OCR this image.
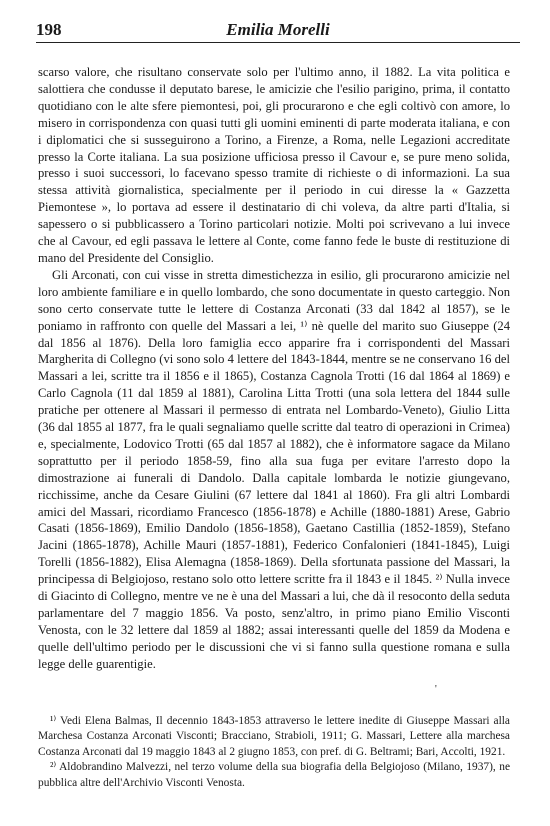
198	Emilia Morelli

scarso valore, che risultano conservate solo per l'ultimo anno, il 1882. La vita politica e salottiera che condusse il deputato barese, le amicizie che l'esilio parigino, prima, il contatto quotidiano con le alte sfere piemontesi, poi, gli procurarono e che egli coltivò con amore, lo misero in corrispondenza con quasi tutti gli uomini eminenti di parte moderata italiana, e con i diplomatici che si susseguirono a Torino, a Firenze, a Roma, nelle Legazioni accreditate presso la Corte italiana. La sua posizione ufficiosa presso il Cavour e, se pure meno solida, presso i suoi successori, lo facevano spesso tramite di richieste o di informazioni. La sua stessa attività giornalistica, specialmente per il periodo in cui diresse la « Gazzetta Piemontese », lo portava ad essere il destinatario di chi voleva, da altre parti d'Italia, si sapessero o si pubblicassero a Torino particolari notizie. Molti poi scrivevano a lui invece che al Cavour, ed egli passava le lettere al Conte, come fanno fede le buste di restituzione di mano del Presidente del Consiglio.

Gli Arconati, con cui visse in stretta dimestichezza in esilio, gli procurarono amicizie nel loro ambiente familiare e in quello lombardo, che sono documentate in questo carteggio. Non sono certo conservate tutte le lettere di Costanza Arconati (33 dal 1842 al 1857), se le poniamo in raffronto con quelle del Massari a lei, ¹⁾ nè quelle del marito suo Giuseppe (24 dal 1856 al 1876). Della loro famiglia ecco apparire fra i corrispondenti del Massari Margherita di Collegno (vi sono solo 4 lettere del 1843-1844, mentre se ne conservano 16 del Massari a lei, scritte tra il 1856 e il 1865), Costanza Cagnola Trotti (16 dal 1864 al 1869) e Carlo Cagnola (11 dal 1859 al 1881), Carolina Litta Trotti (una sola lettera del 1844 sulle pratiche per ottenere al Massari il permesso di entrata nel Lombardo-Veneto), Giulio Litta (36 dal 1855 al 1877, fra le quali segnaliamo quelle scritte dal teatro di operazioni in Crimea) e, specialmente, Lodovico Trotti (65 dal 1857 al 1882), che è informatore sagace da Milano soprattutto per il periodo 1858-59, fino alla sua fuga per evitare l'arresto dopo la dimostrazione ai funerali di Dandolo. Dalla capitale lombarda le notizie giungevano, ricchissime, anche da Cesare Giulini (67 lettere dal 1841 al 1860). Fra gli altri Lombardi amici del Massari, ricordiamo Francesco (1856-1878) e Achille (1880-1881) Arese, Gabrio Casati (1856-1869), Emilio Dandolo (1856-1858), Gaetano Castillia (1852-1859), Stefano Jacini (1865-1878), Achille Mauri (1857-1881), Federico Confalonieri (1841-1845), Luigi Torelli (1856-1882), Elisa Alemagna (1858-1869). Della sfortunata passione del Massari, la principessa di Belgiojoso, restano solo otto lettere scritte fra il 1843 e il 1845. ²⁾ Nulla invece di Giacinto di Collegno, mentre ve ne è una del Massari a lui, che dà il resoconto della seduta parlamentare del 7 maggio 1856. Va posto, senz'altro, in primo piano Emilio Visconti Venosta, con le 32 lettere dal 1859 al 1882; assai interessanti quelle del 1859 da Modena e quelle dell'ultimo periodo per le discussioni che vi si fanno sulla questione romana e sulla legge delle guarentigie.

'

¹⁾ Vedi Elena Balmas, Il decennio 1843-1853 attraverso le lettere inedite di Giuseppe Massari alla Marchesa Costanza Arconati Visconti; Bracciano, Strabioli, 1911; G. Massari, Lettere alla marchesa Costanza Arconati dal 19 maggio 1843 al 2 giugno 1853, con pref. di G. Beltrami; Bari, Accolti, 1921.

²⁾ Aldobrandino Malvezzi, nel terzo volume della sua biografia della Belgiojoso (Milano, 1937), ne pubblica altre dell'Archivio Visconti Venosta.
